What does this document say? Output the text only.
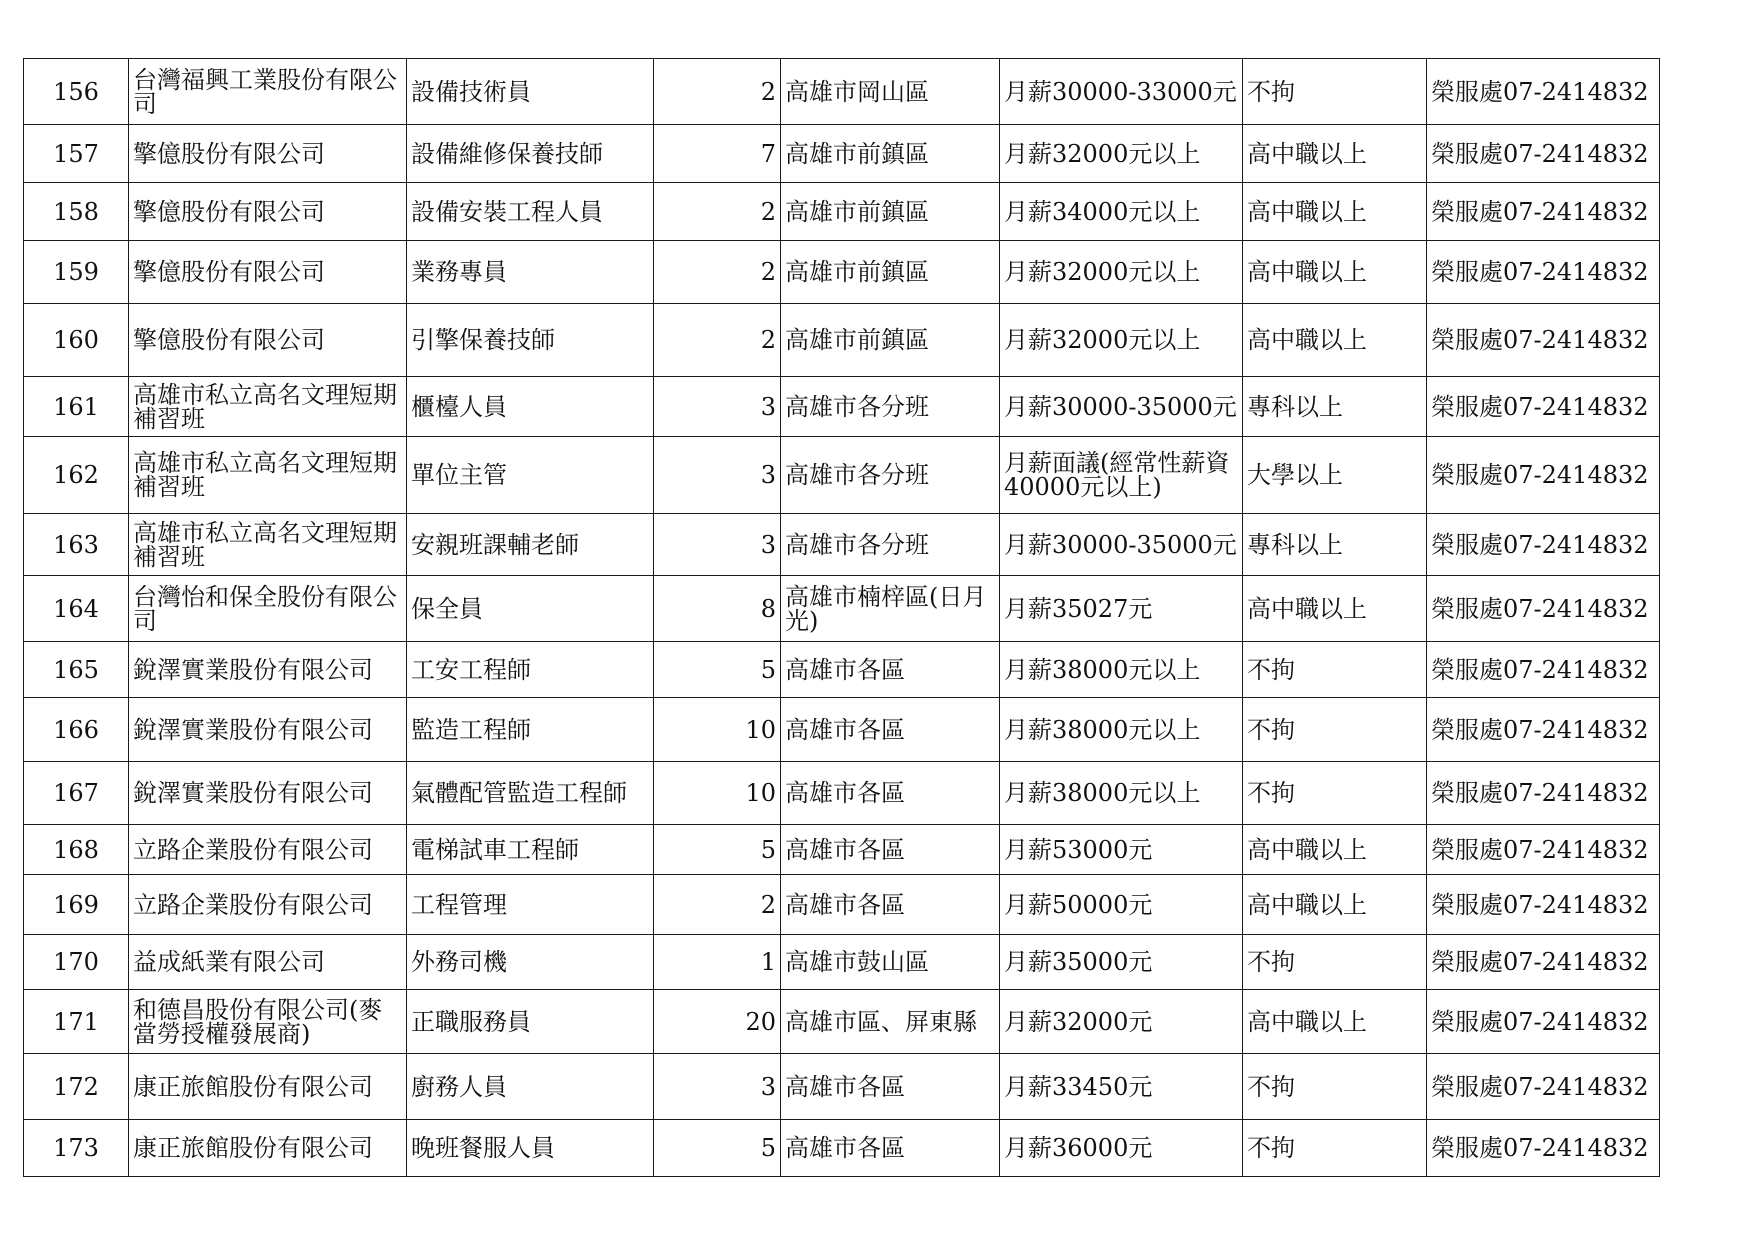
156	台灣福興工業股份有限公司	設備技術員	2	高雄市岡山區	月薪30000-33000元	不拘	榮服處07-2414832
157	擎億股份有限公司	設備維修保養技師	7	高雄市前鎮區	月薪32000元以上	高中職以上	榮服處07-2414832
158	擎億股份有限公司	設備安裝工程人員	2	高雄市前鎮區	月薪34000元以上	高中職以上	榮服處07-2414832
159	擎億股份有限公司	業務專員	2	高雄市前鎮區	月薪32000元以上	高中職以上	榮服處07-2414832
160	擎億股份有限公司	引擎保養技師	2	高雄市前鎮區	月薪32000元以上	高中職以上	榮服處07-2414832
161	高雄市私立高名文理短期補習班	櫃檯人員	3	高雄市各分班	月薪30000-35000元	專科以上	榮服處07-2414832
162	高雄市私立高名文理短期補習班	單位主管	3	高雄市各分班	月薪面議(經常性薪資40000元以上)	大學以上	榮服處07-2414832
163	高雄市私立高名文理短期補習班	安親班課輔老師	3	高雄市各分班	月薪30000-35000元	專科以上	榮服處07-2414832
164	台灣怡和保全股份有限公司	保全員	8	高雄市楠梓區(日月光)	月薪35027元	高中職以上	榮服處07-2414832
165	銳澤實業股份有限公司	工安工程師	5	高雄市各區	月薪38000元以上	不拘	榮服處07-2414832
166	銳澤實業股份有限公司	監造工程師	10	高雄市各區	月薪38000元以上	不拘	榮服處07-2414832
167	銳澤實業股份有限公司	氣體配管監造工程師	10	高雄市各區	月薪38000元以上	不拘	榮服處07-2414832
168	立路企業股份有限公司	電梯試車工程師	5	高雄市各區	月薪53000元	高中職以上	榮服處07-2414832
169	立路企業股份有限公司	工程管理	2	高雄市各區	月薪50000元	高中職以上	榮服處07-2414832
170	益成紙業有限公司	外務司機	1	高雄市鼓山區	月薪35000元	不拘	榮服處07-2414832
171	和德昌股份有限公司(麥當勞授權發展商)	正職服務員	20	高雄市區、屏東縣	月薪32000元	高中職以上	榮服處07-2414832
172	康正旅館股份有限公司	廚務人員	3	高雄市各區	月薪33450元	不拘	榮服處07-2414832
173	康正旅館股份有限公司	晚班餐服人員	5	高雄市各區	月薪36000元	不拘	榮服處07-2414832
